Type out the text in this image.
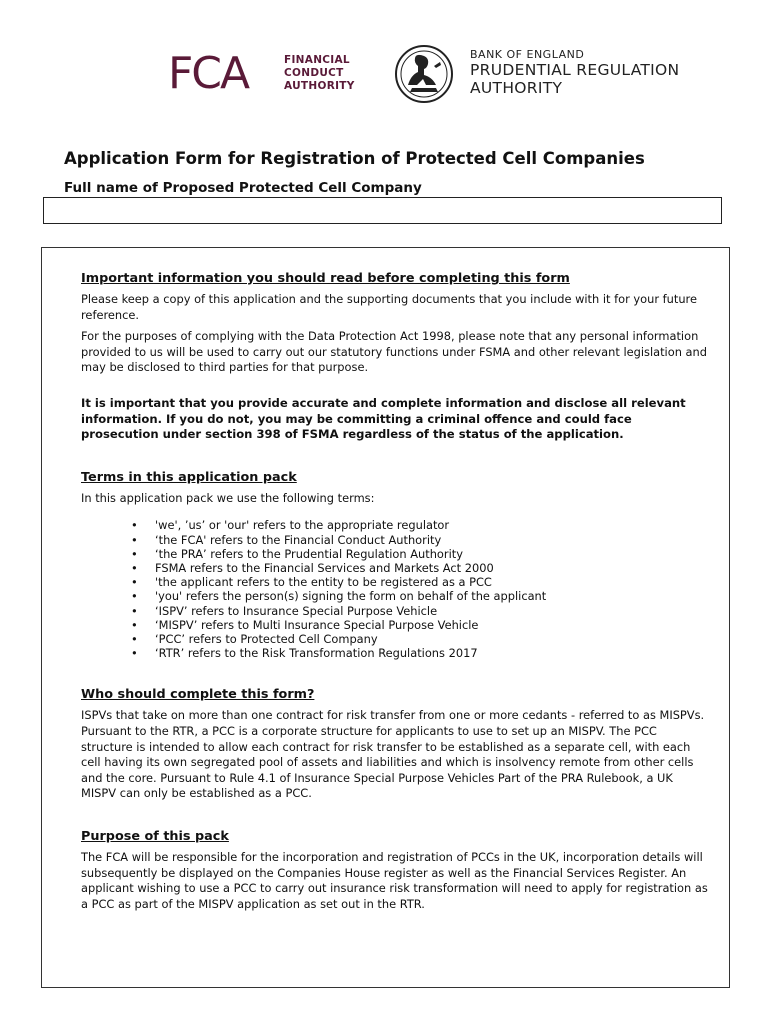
FCA	FINANCIAL
CONDUCT
AUTHORITY
BANK OF ENGLAND
PRUDENTIAL REGULATION
AUTHORITY
Application Form for Registration of Protected Cell Companies
Full name of Proposed Protected Cell Company
Important information you should read before completing this form

Please keep a copy of this application and the supporting documents that you include with it for your future reference.

For the purposes of complying with the Data Protection Act 1998, please note that any personal information provided to us will be used to carry out our statutory functions under FSMA and other relevant legislation and may be disclosed to third parties for that purpose.

It is important that you provide accurate and complete information and disclose all relevant information. If you do not, you may be committing a criminal offence and could face prosecution under section 398 of FSMA regardless of the status of the application.

Terms in this application pack

In this application pack we use the following terms:

• 'we', ’us’ or 'our' refers to the appropriate regulator
• ‘the FCA' refers to the Financial Conduct Authority
• ‘the PRA’ refers to the Prudential Regulation Authority
• FSMA refers to the Financial Services and Markets Act 2000
• 'the applicant refers to the entity to be registered as a PCC
• 'you' refers the person(s) signing the form on behalf of the applicant
• ‘ISPV’ refers to Insurance Special Purpose Vehicle
• ‘MISPV’ refers to Multi Insurance Special Purpose Vehicle
• ‘PCC’ refers to Protected Cell Company
• ‘RTR’ refers to the Risk Transformation Regulations 2017
Who should complete this form?

ISPVs that take on more than one contract for risk transfer from one or more cedants - referred to as MISPVs. Pursuant to the RTR, a PCC is a corporate structure for applicants to use to set up an MISPV. The PCC structure is intended to allow each contract for risk transfer to be established as a separate cell, with each cell having its own segregated pool of assets and liabilities and which is insolvency remote from other cells and the core. Pursuant to Rule 4.1 of Insurance Special Purpose Vehicles Part of the PRA Rulebook, a UK MISPV can only be established as a PCC.

Purpose of this pack

The FCA will be responsible for the incorporation and registration of PCCs in the UK, incorporation details will subsequently be displayed on the Companies House register as well as the Financial Services Register. An applicant wishing to use a PCC to carry out insurance risk transformation will need to apply for registration as a PCC as part of the MISPV application as set out in the RTR.
